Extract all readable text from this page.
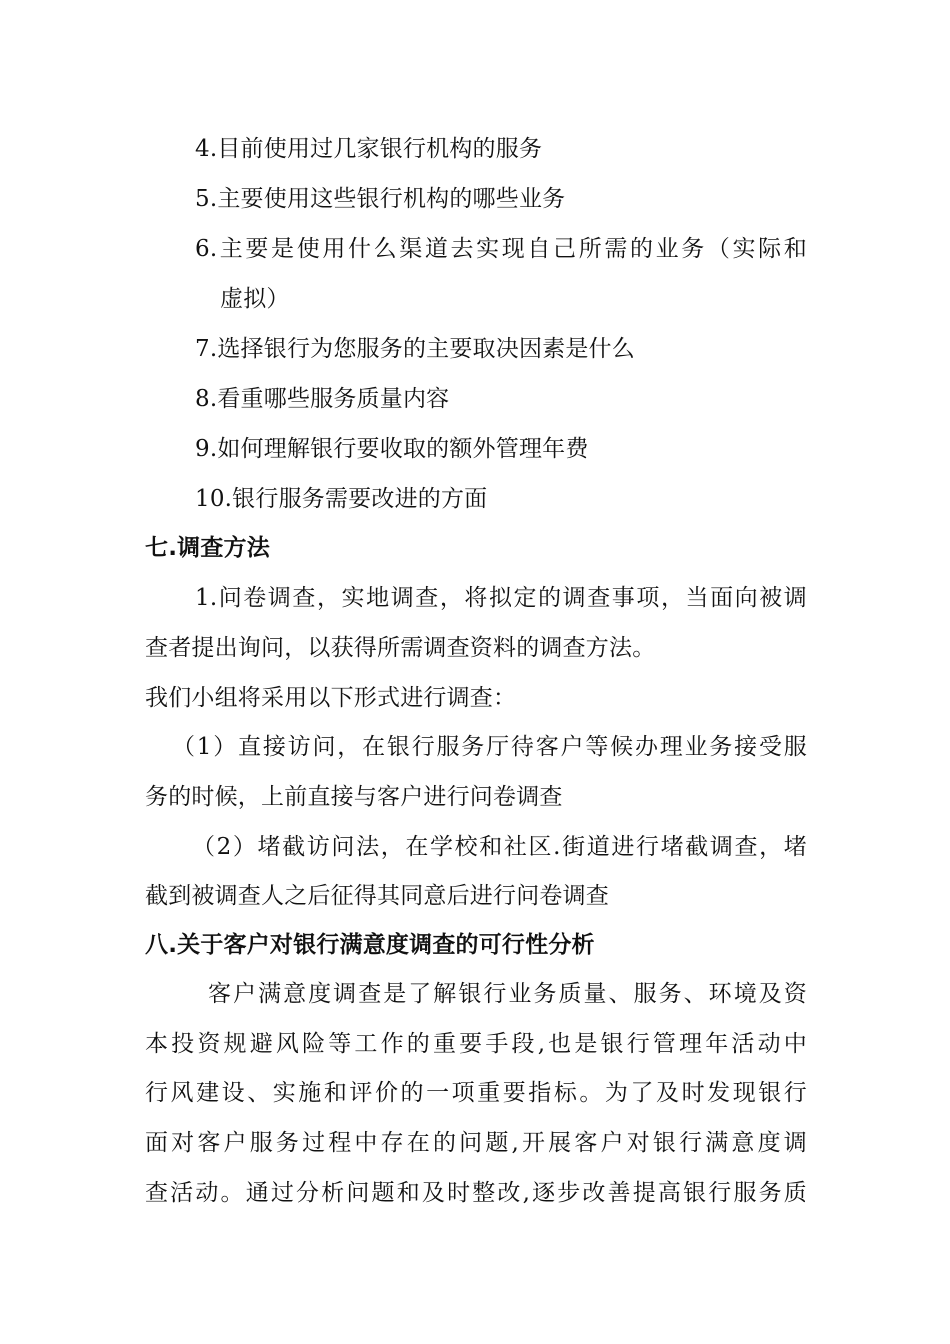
4.目前使用过几家银行机构的服务
5.主要使用这些银行机构的哪些业务
6.主要是使用什么渠道去实现自己所需的业务（实际和
虚拟）
7.选择银行为您服务的主要取决因素是什么
8.看重哪些服务质量内容
9.如何理解银行要收取的额外管理年费
10.银行服务需要改进的方面
七.调查方法
1.问卷调查，实地调查，将拟定的调查事项，当面向被调
查者提出询问，以获得所需调查资料的调查方法。
我们小组将采用以下形式进行调查：
（1）直接访问，在银行服务厅待客户等候办理业务接受服
务的时候，上前直接与客户进行问卷调查
（2）堵截访问法，在学校和社区.街道进行堵截调查，堵
截到被调查人之后征得其同意后进行问卷调查
八.关于客户对银行满意度调查的可行性分析
客户满意度调查是了解银行业务质量、服务、环境及资
本投资规避风险等工作的重要手段,也是银行管理年活动中
行风建设、实施和评价的一项重要指标。为了及时发现银行
面对客户服务过程中存在的问题,开展客户对银行满意度调
查活动。通过分析问题和及时整改,逐步改善提高银行服务质
